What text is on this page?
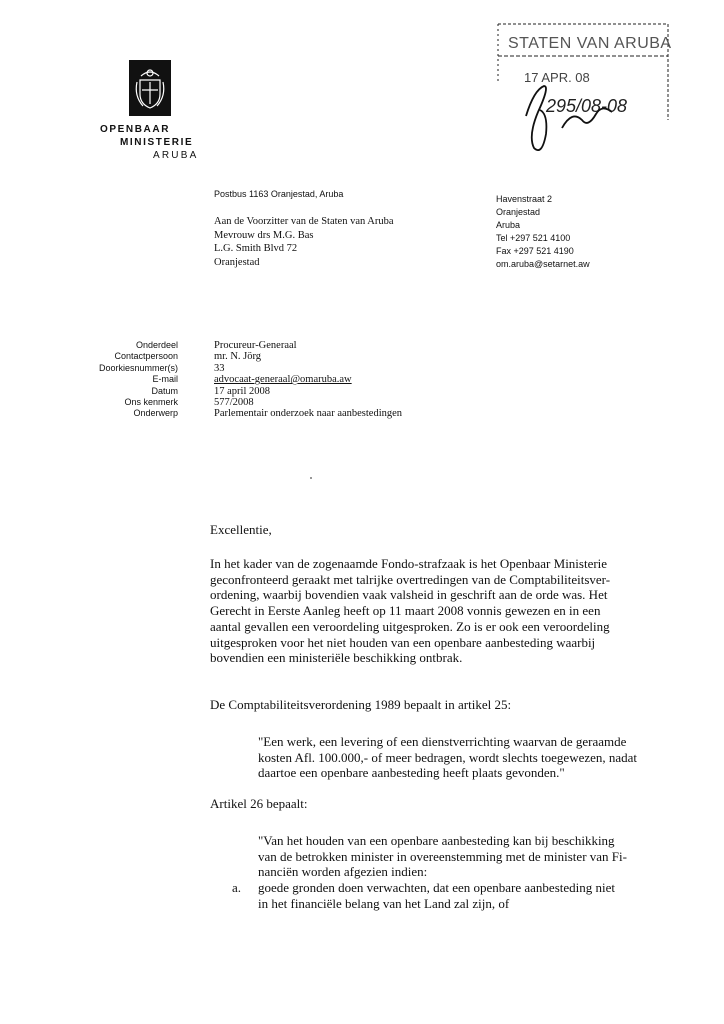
OPENBAAR
MINISTERIE
ARUBA
STATEN VAN ARUBA
17 APR. 08
295/08-08
Postbus 1163 Oranjestad, Aruba	Havenstraat 2
Oranjestad
Aruba
Tel +297 521 4100
Fax +297 521 4190
om.aruba@setarnet.aw
Aan de Voorzitter van de Staten van Aruba
Mevrouw drs M.G. Bas
L.G. Smith Blvd 72
Oranjestad
Onderdeel
Contactpersoon
Doorkiesnummer(s)
E-mail
Datum
Ons kenmerk
Onderwerp
Procureur-Generaal
mr. N. Jörg
33
advocaat-generaal@omaruba.aw
17 april 2008
577/2008
Parlementair onderzoek naar aanbestedingen
Excellentie,
In het kader van de zogenaamde Fondo-strafzaak is het Openbaar Ministerie
geconfronteerd geraakt met talrijke overtredingen van de Comptabiliteitsver-
ordening, waarbij bovendien vaak valsheid in geschrift aan de orde was. Het
Gerecht in Eerste Aanleg heeft op 11 maart 2008 vonnis gewezen en in een
aantal gevallen een veroordeling uitgesproken. Zo is er ook een veroordeling
uitgesproken voor het niet houden van een openbare aanbesteding waarbij
bovendien een ministeriële beschikking ontbrak.
De Comptabiliteitsverordening 1989 bepaalt in artikel 25:
"Een werk, een levering of een dienstverrichting waarvan de geraamde
kosten Afl. 100.000,- of meer bedragen, wordt slechts toegewezen, nadat
daartoe een openbare aanbesteding heeft plaats gevonden."
Artikel 26 bepaalt:
"Van het houden van een openbare aanbesteding kan bij beschikking
van de betrokken minister in overeenstemming met de minister van Fi-
nanciën worden afgezien indien:
a. goede gronden doen verwachten, dat een openbare aanbesteding niet
in het financiële belang van het Land zal zijn, of
